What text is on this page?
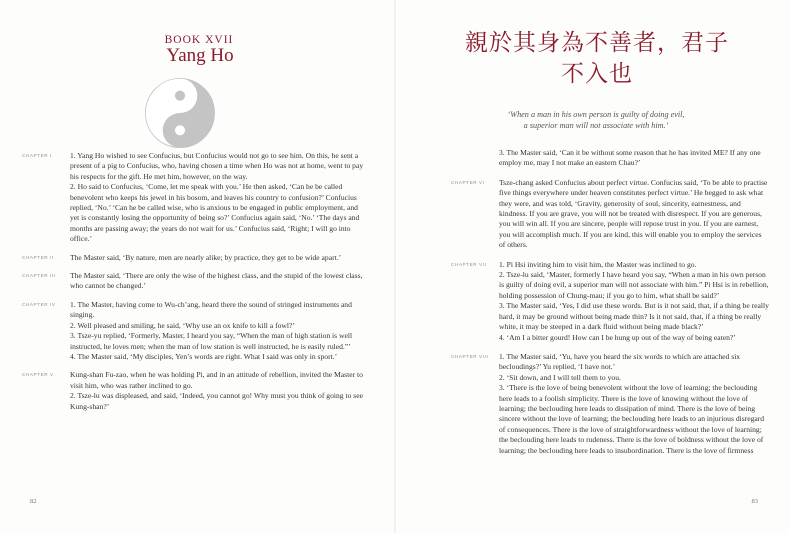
BOOK XVII
Yang Ho
CHAPTER I	1. Yang Ho wished to see Confucius, but Confucius would not go to see him. On this, he sent a present of a pig to Confucius, who, having chosen a time when Ho was not at home, went to pay his respects for the gift. He met him, however, on the way.

2. Ho said to Confucius, ‘Come, let me speak with you.’ He then asked, ‘Can he be called benevolent who keeps his jewel in his bosom, and leaves his country to confusion?’ Confucius replied, ‘No.’ ‘Can he be called wise, who is anxious to be engaged in public employment, and yet is constantly losing the opportunity of being so?’ Confucius again said, ‘No.’ ‘The days and months are passing away; the years do not wait for us.’ Confucius said, ‘Right; I will go into office.’

CHAPTER II	The Master said, ‘By nature, men are nearly alike; by practice, they get to be wide apart.’

CHAPTER III	The Master said, ‘There are only the wise of the highest class, and the stupid of the lowest class, who cannot be changed.’

CHAPTER IV	1. The Master, having come to Wu-ch’ang, heard there the sound of stringed instruments and singing.

2. Well pleased and smiling, he said, ‘Why use an ox knife to kill a fowl?’

3. Tsze-yu replied, ‘Formerly, Master, I heard you say, “When the man of high station is well instructed, he loves men; when the man of low station is well instructed, he is easily ruled.”’

4. The Master said, ‘My disciples, Yen’s words are right. What I said was only in sport.’

CHAPTER V	Kung-shan Fu-zao, when he was holding Pi, and in an attitude of rebellion, invited the Master to visit him, who was rather inclined to go.

2. Tsze-lu was displeased, and said, ‘Indeed, you cannot go! Why must you think of going to see Kung-shan?’

82
親於其身為不善者，君子
不入也
‘When a man in his own person is guilty of doing evil,
a superior man will not associate with him.’

3. The Master said, ‘Can it be without some reason that he has invited ME? If any one employ me, may I not make an eastern Chau?’

CHAPTER VI	Tsze-chang asked Confucius about perfect virtue. Confucius said, ‘To be able to practise five things everywhere under heaven constitutes perfect virtue.’ He begged to ask what they were, and was told, ‘Gravity, generosity of soul, sincerity, earnestness, and kindness. If you are grave, you will not be treated with disrespect. If you are generous, you will win all. If you are sincere, people will repose trust in you. If you are earnest, you will accomplish much. If you are kind, this will enable you to employ the services of others.

CHAPTER VII	1. Pi Hsi inviting him to visit him, the Master was inclined to go.

2. Tsze-lu said, ‘Master, formerly I have heard you say, “When a man in his own person is guilty of doing evil, a superior man will not associate with him.” Pi Hsi is in rebellion, holding possession of Chung-mau; if you go to him, what shall be said?’

3. The Master said, ‘Yes, I did use these words. But is it not said, that, if a thing be really hard, it may be ground without being made thin? Is it not said, that, if a thing be really white, it may be steeped in a dark fluid without being made black?’

4. ‘Am I a bitter gourd! How can I be hung up out of the way of being eaten?’

CHAPTER VIII 1. The Master said, ‘Yu, have you heard the six words to which are attached six becloudings?’ Yu replied, ‘I have not.’

2. ‘Sit down, and I will tell them to you.

3. ‘There is the love of being benevolent without the love of learning; the beclouding here leads to a foolish simplicity. There is the love of knowing without the love of learning; the beclouding here leads to dissipation of mind. There is the love of being sincere without the love of learning; the beclouding here leads to an injurious disregard of consequences. There is the love of straightforwardness without the love of learning; the beclouding here leads to rudeness. There is the love of boldness without the love of learning; the beclouding here leads to insubordination. There is the love of firmness

83
